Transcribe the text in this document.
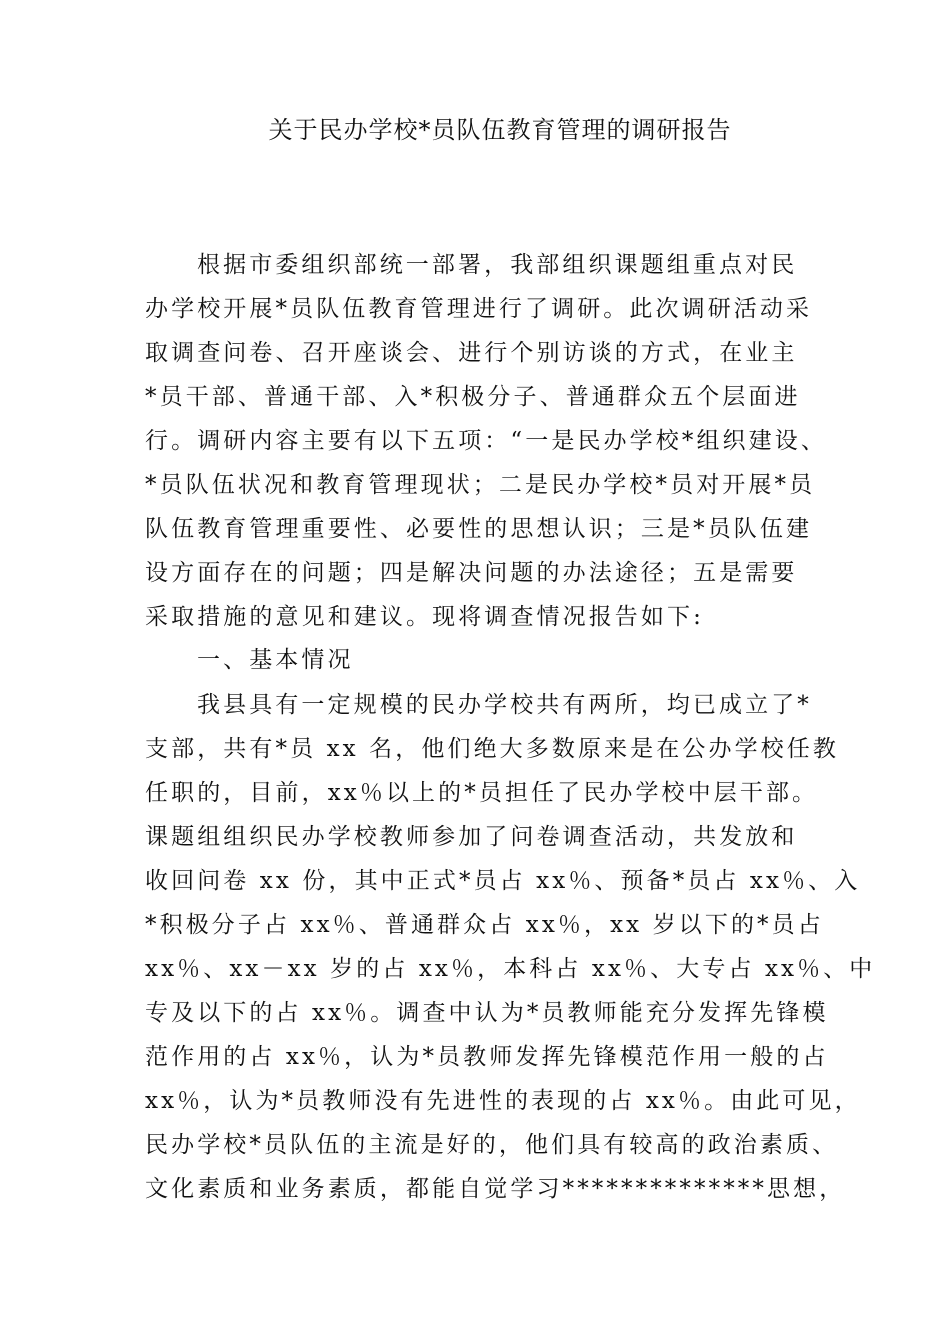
关于民办学校*员队伍教育管理的调研报告
根据市委组织部统一部署，我部组织课题组重点对民
办学校开展*员队伍教育管理进行了调研。此次调研活动采
取调查问卷、召开座谈会、进行个别访谈的方式，在业主
*员干部、普通干部、入*积极分子、普通群众五个层面进
行。调研内容主要有以下五项：“一是民办学校*组织建设、
*员队伍状况和教育管理现状；二是民办学校*员对开展*员
队伍教育管理重要性、必要性的思想认识；三是*员队伍建
设方面存在的问题；四是解决问题的办法途径；五是需要
采取措施的意见和建议。现将调查情况报告如下:
一、基本情况
我县具有一定规模的民办学校共有两所，均已成立了*
支部，共有*员 xx 名，他们绝大多数原来是在公办学校任教
任职的，目前，xx％以上的*员担任了民办学校中层干部。
课题组组织民办学校教师参加了问卷调查活动，共发放和
收回问卷 xx 份，其中正式*员占 xx％、预备*员占 xx％、入
*积极分子占 xx％、普通群众占 xx％，xx 岁以下的*员占
xx％、xx－xx 岁的占 xx％，本科占 xx％、大专占 xx％、中
专及以下的占 xx％。调查中认为*员教师能充分发挥先锋模
范作用的占 xx％，认为*员教师发挥先锋模范作用一般的占
xx％，认为*员教师没有先进性的表现的占 xx％。由此可见，
民办学校*员队伍的主流是好的，他们具有较高的政治素质、
文化素质和业务素质，都能自觉学习**************思想，
